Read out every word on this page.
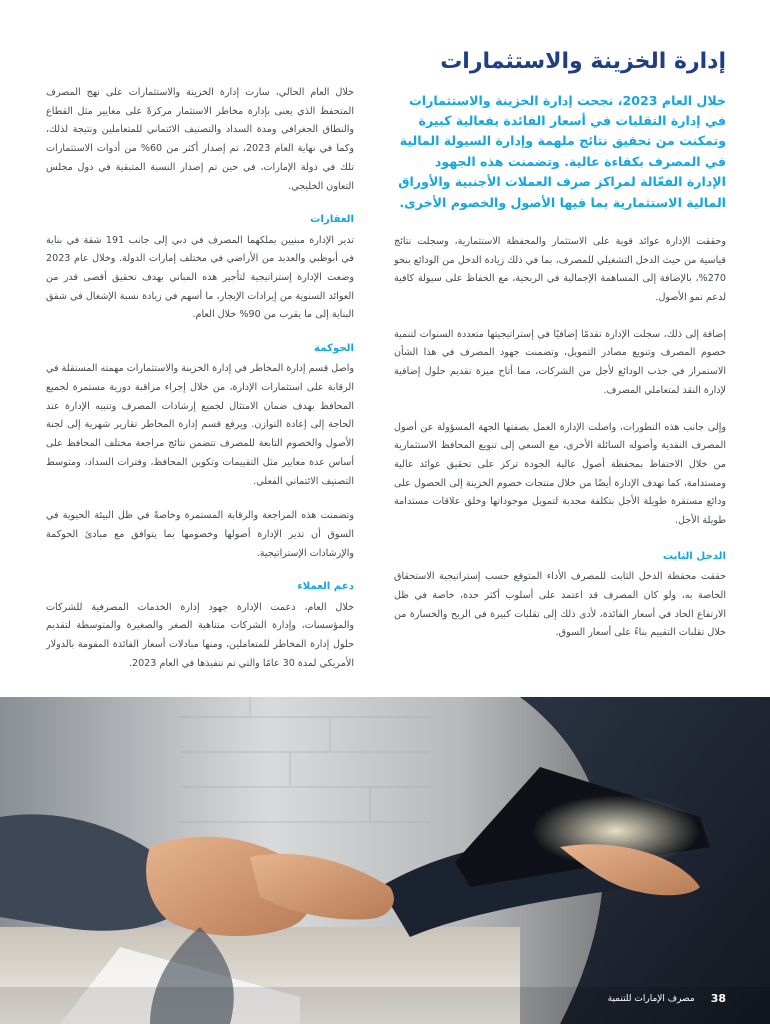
إدارة الخزينة والاستثمارات

خلال العام 2023، نجحت إدارة الخزينة والاستثمارات في إدارة التقلبات في أسعار الفائدة بفعالية كبيرة وتمكنت من تحقيق نتائج ملهمة وإدارة السيولة المالية في المصرف بكفاءة عالية. وتضمنت هذه الجهود الإدارة الفعّالة لمراكز صرف العملات الأجنبية والأوراق المالية الاستثمارية بما فيها الأصول والخصوم الأخرى.

وحققت الإدارة عوائد قوية على الاستثمار والمحفظة الاستثمارية، وسجلت نتائج قياسية من حيث الدخل التشغيلي للمصرف، بما في ذلك زيادة الدخل من الودائع بنحو 270%، بالإضافة إلى المساهمة الإجمالية في الربحية، مع الحفاظ على سيولة كافية لدعم نمو الأصول.

إضافة إلى ذلك، سجلت الإدارة تقدمًا إضافيًا في إستراتيجيتها متعددة السنوات لتنمية خصوم المصرف وتنويع مصادر التمويل، وتضمنت جهود المصرف في هذا الشأن الاستمرار في جذب الودائع لأجل من الشركات، مما أتاح ميزة تقديم حلول إضافية لإدارة النقد لمتعاملي المصرف.

وإلى جانب هذه التطورات، واصلت الإدارة العمل بصفتها الجهة المسؤولة عن أصول المصرف النقدية وأصوله السائلة الأخرى، مع السعي إلى تنويع المحافظ الاستثمارية من خلال الاحتفاظ بمحفظة أصول عالية الجودة تركز على تحقيق عوائد عالية ومستدامة، كما تهدف الإدارة أيضًا من خلال منتجات خصوم الخزينة إلى الحصول على ودائع مستقرة طويلة الأجل بتكلفة مجدية لتمويل موجوداتها وخلق علاقات مستدامة طويلة الأجل.

الدخل الثابت

حققت محفظة الدخل الثابت للمصرف الأداء المتوقع حسب إستراتيجية الاستحقاق الخاصة به، ولو كان المصرف قد اعتمد على أسلوب أكثر حدة، خاصة في ظل الارتفاع الحاد في أسعار الفائدة، لأدى ذلك إلى تقلبات كبيرة في الربح والخسارة من خلال تقلبات التقييم بناءً على أسعار السوق.

خلال العام الحالي، سارت إدارة الخزينة والاستثمارات على نهج المصرف المتحفظ الذي يعنى بإدارة مخاطر الاستثمار مركزةً على معايير مثل القطاع والنطاق الجغرافي ومدة السداد والتصنيف الائتماني للمتعاملين ونتيجة لذلك، وكما في نهاية العام 2023، تم إصدار أكثر من 60% من أدوات الاستثمارات تلك في دولة الإمارات، في حين تم إصدار النسبة المتبقية في دول مجلس التعاون الخليجي.

العقارات

تدير الإدارة مبنيين يملكهما المصرف في دبي إلى جانب 191 شقة في بناية في أبوظبي والعديد من الأراضي في مختلف إمارات الدولة. وخلال عام 2023 وضعت الإدارة إستراتيجية لتأجير هذه المباني بهدف تحقيق أقصى قدر من العوائد السنوية من إيرادات الإيجار، ما أسهم في زيادة نسبة الإشغال في شقق البناية إلى ما يقرب من 90% خلال العام.

الحوكمة

واصل قسم إدارة المخاطر في إدارة الخزينة والاستثمارات مهمته المستقلة في الرقابة على استثمارات الإدارة، من خلال إجراء مراقبة دورية مستمرة لجميع المحافظ بهدف ضمان الامتثال لجميع إرشادات المصرف وتنبيه الإدارة عند الحاجة إلى إعادة التوازن. ويرفع قسم إدارة المخاطر تقارير شهرية إلى لجنة الأصول والخصوم التابعة للمصرف تتضمن نتائج مراجعة مختلف المحافظ على أساس عدة معايير مثل التقييمات وتكوين المحافظ، وفترات السداد، ومتوسط التصنيف الائتماني الفعلي.

وتضمنت هذه المراجعة والرقابة المستمرة وخاصةً في ظل البيئة الحيوية في السوق أن تدير الإدارة أصولها وخصومها بما يتوافق مع مبادئ الحوكمة والإرشادات الإستراتيجية.

دعم العملاء

خلال العام، دعمت الإدارة جهود إدارة الخدمات المصرفية للشركات والمؤسسات، وإدارة الشركات متناهية الصغر والصغيرة والمتوسطة لتقديم حلول إدارة المخاطر للمتعاملين، ومنها مبادلات أسعار الفائدة المقومة بالدولار الأمريكي لمدة 30 عامًا والتي تم تنفيذها في العام 2023.

38
مصرف الإمارات للتنمية
